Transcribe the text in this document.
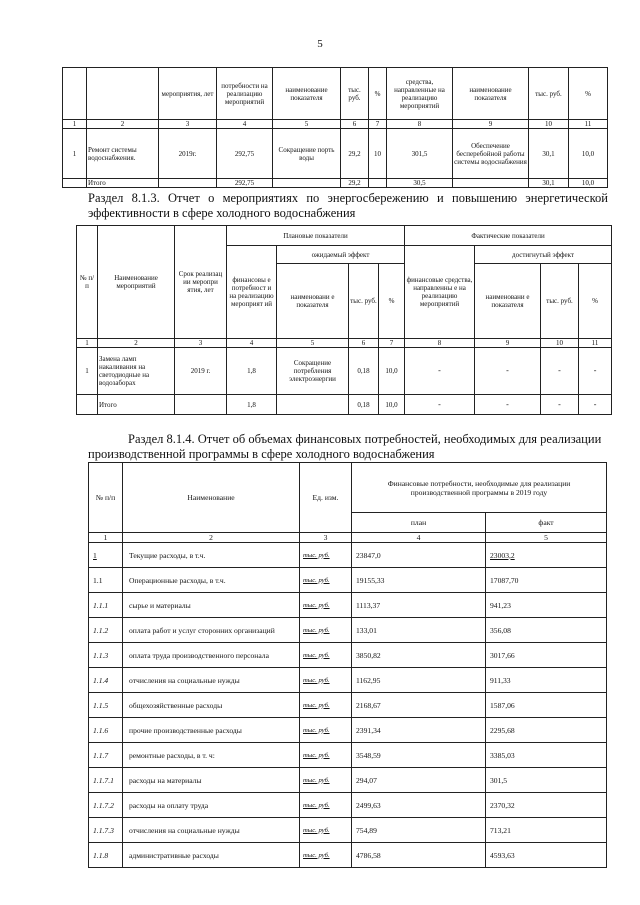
5
		мероприятия, лет	потребности на реализацию мероприятий	наименование показателя	тыс. руб.	%	средства, направленные на реализацию мероприятий	наименование показателя	тыс. руб.	%
1	2	3	4	5	6	7	8	9	10	11
1	Ремонт системы водоснабжения.	2019г.	292,75	Сокращение порть воды	29,2	10	301,5	Обеспечение бесперебойной работы системы водоснабжения	30,1	10,0
	Итого		292,75		29,2		30,5		30,1	10,0
Раздел 8.1.3. Отчет о мероприятиях по энергосбережению и повышению энергетической эффективности в сфере холодного водоснабжения
№ п/ п	Наименование мероприятий	Срок реализац ии меропри ятия, лет	Плановые показатели				Фактические показатели			
			финансовы е потребност и на реализацию мероприят ий	ожидаемый эффект			финансовые средства, направленны е на реализацию мероприятий	достигнутый эффект		
				наименовани е показателя	тыс. руб.	%		наименовани е показателя	тыс. руб.	%
1	2	3	4	5	6	7	8	9	10	11
1	Замена ламп накаливания на светодиодные на водозаборах	2019 г.	1,8	Сокращение потребления электроэнергии	0,18	10,0	-	-	-	-
	Итого		1,8		0,18	10,0	-	-	-	-
Раздел 8.1.4. Отчет об объемах финансовых потребностей, необходимых для реализации производственной программы в сфере холодного водоснабжения
№ п/п	Наименование	Ед. изм.	Финансовые потребности, необходимые для реализации производственной программы в 2019 году	
			план	факт
1	2	3	4	5
1	Текущие расходы, в т.ч.	тыс. руб.	23847,0	23003,2
1.1	Операционные расходы, в т.ч.	тыс. руб.	19155,33	17087,70
1.1.1	сырье и материалы	тыс. руб.	1113,37	941,23
1.1.2	оплата работ и услуг сторонних организаций	тыс. руб.	133,01	356,08
1.1.3	оплата труда производственного персонала	тыс. руб.	3850,82	3017,66
1.1.4	отчисления на социальные нужды	тыс. руб.	1162,95	911,33
1.1.5	общехозяйственные расходы	тыс. руб.	2168,67	1587,06
1.1.6	прочие производственные расходы	тыс. руб.	2391,34	2295,68
1.1.7	ремонтные расходы, в т. ч:	тыс. руб.	3548,59	3385,03
1.1.7.1	расходы на материалы	тыс. руб.	294,07	301,5
1.1.7.2	расходы на оплату труда	тыс. руб.	2499,63	2370,32
1.1.7.3	отчисления на социальные нужды	тыс. руб.	754,89	713,21
1.1.8	административные расходы	тыс. руб.	4786,58	4593,63
